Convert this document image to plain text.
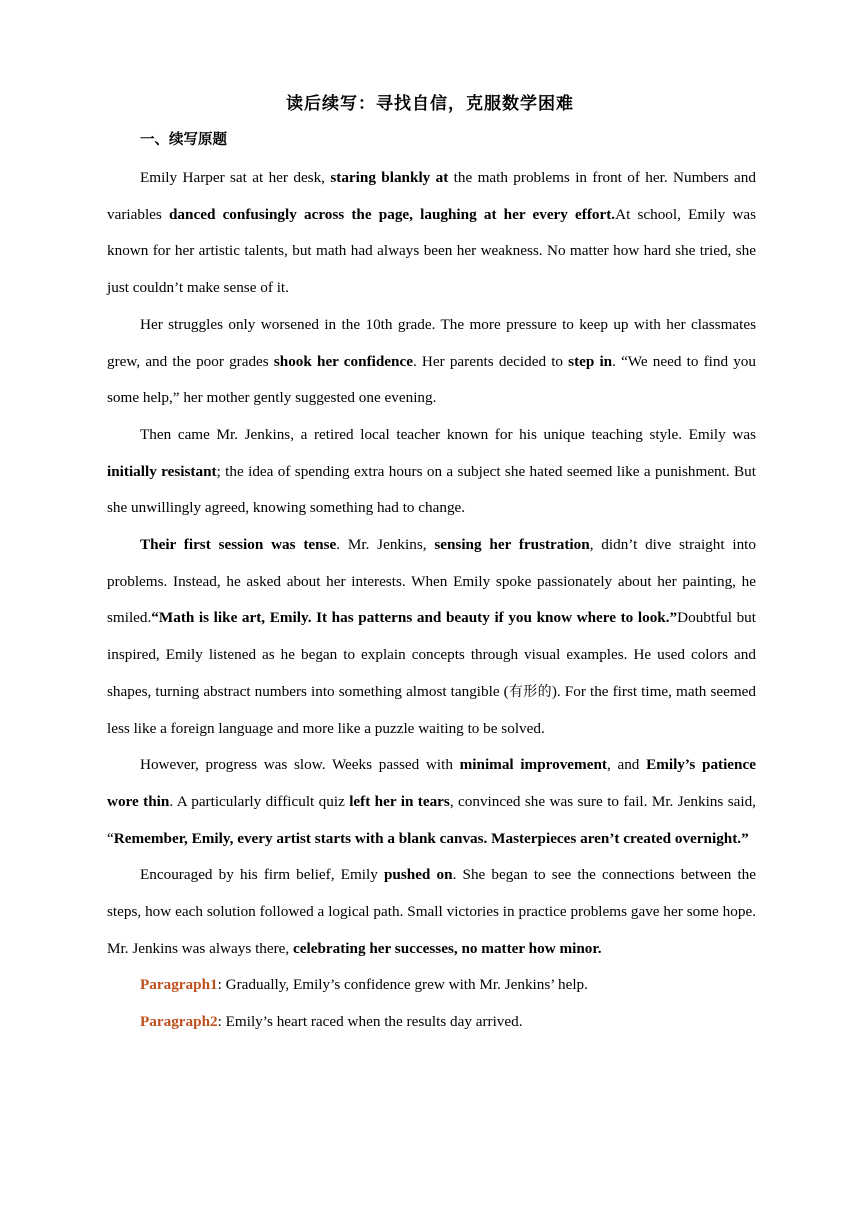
读后续写：寻找自信，克服数学困难
一、续写原题

Emily Harper sat at her desk, staring blankly at the math problems in front of her. Numbers and variables danced confusingly across the page, laughing at her every effort.At school, Emily was known for her artistic talents, but math had always been her weakness. No matter how hard she tried, she just couldn’t make sense of it.

Her struggles only worsened in the 10th grade. The more pressure to keep up with her classmates grew, and the poor grades shook her confidence. Her parents decided to step in. “We need to find you some help,” her mother gently suggested one evening.

Then came Mr. Jenkins, a retired local teacher known for his unique teaching style. Emily was initially resistant; the idea of spending extra hours on a subject she hated seemed like a punishment. But she unwillingly agreed, knowing something had to change.

Their first session was tense. Mr. Jenkins, sensing her frustration, didn’t dive straight into problems. Instead, he asked about her interests. When Emily spoke passionately about her painting, he smiled.“Math is like art, Emily. It has patterns and beauty if you know where to look.”Doubtful but inspired, Emily listened as he began to explain concepts through visual examples. He used colors and shapes, turning abstract numbers into something almost tangible (有形的). For the first time, math seemed less like a foreign language and more like a puzzle waiting to be solved.

However, progress was slow. Weeks passed with minimal improvement, and Emily’s patience wore thin. A particularly difficult quiz left her in tears, convinced she was sure to fail. Mr. Jenkins said, “Remember, Emily, every artist starts with a blank canvas. Masterpieces aren’t created overnight.”

Encouraged by his firm belief, Emily pushed on. She began to see the connections between the steps, how each solution followed a logical path. Small victories in practice problems gave her some hope. Mr. Jenkins was always there, celebrating her successes, no matter how minor.

Paragraph1: Gradually, Emily’s confidence grew with Mr. Jenkins’ help.

Paragraph2: Emily’s heart raced when the results day arrived.
